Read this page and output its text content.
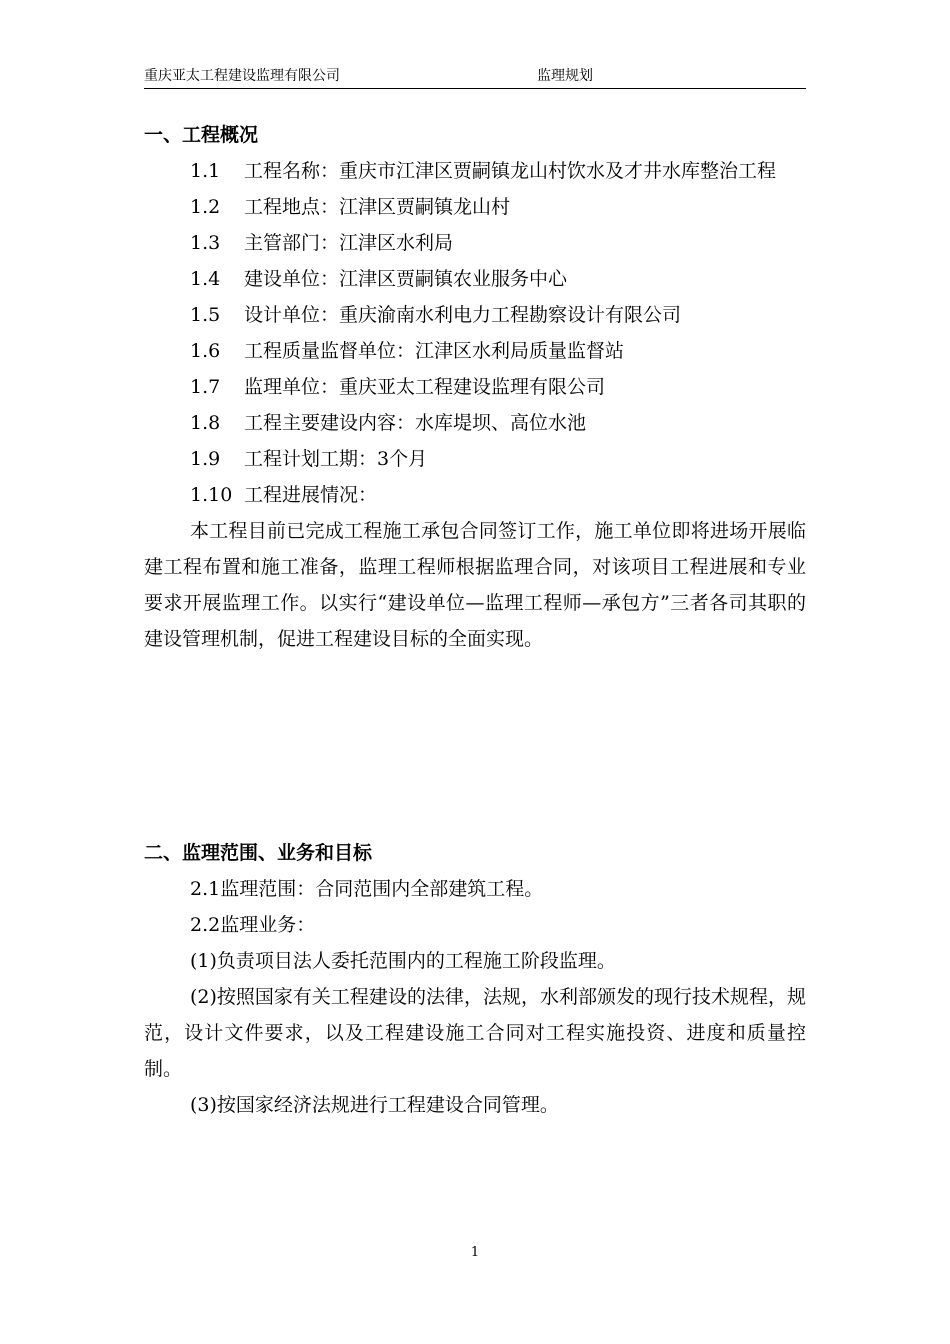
重庆亚太工程建设监理有限公司	监理规划
一、工程概况

1.1 工程名称：重庆市江津区贾嗣镇龙山村饮水及才井水库整治工程

1.2 工程地点：江津区贾嗣镇龙山村

1.3 主管部门：江津区水利局

1.4 建设单位：江津区贾嗣镇农业服务中心

1.5 设计单位：重庆渝南水利电力工程勘察设计有限公司

1.6 工程质量监督单位：江津区水利局质量监督站

1.7 监理单位：重庆亚太工程建设监理有限公司

1.8 工程主要建设内容：水库堤坝、高位水池

1.9 工程计划工期：3个月

1.10 工程进展情况：

本工程目前已完成工程施工承包合同签订工作，施工单位即将进场开展临建工程布置和施工准备，监理工程师根据监理合同，对该项目工程进展和专业要求开展监理工作。以实行“建设单位—监理工程师—承包方”三者各司其职的建设管理机制，促进工程建设目标的全面实现。

二、监理范围、业务和目标

2.1监理范围：合同范围内全部建筑工程。

2.2监理业务：

(1)负责项目法人委托范围内的工程施工阶段监理。

(2)按照国家有关工程建设的法律，法规，水利部颁发的现行技术规程，规范，设计文件要求，以及工程建设施工合同对工程实施投资、进度和质量控制。

(3)按国家经济法规进行工程建设合同管理。

1
